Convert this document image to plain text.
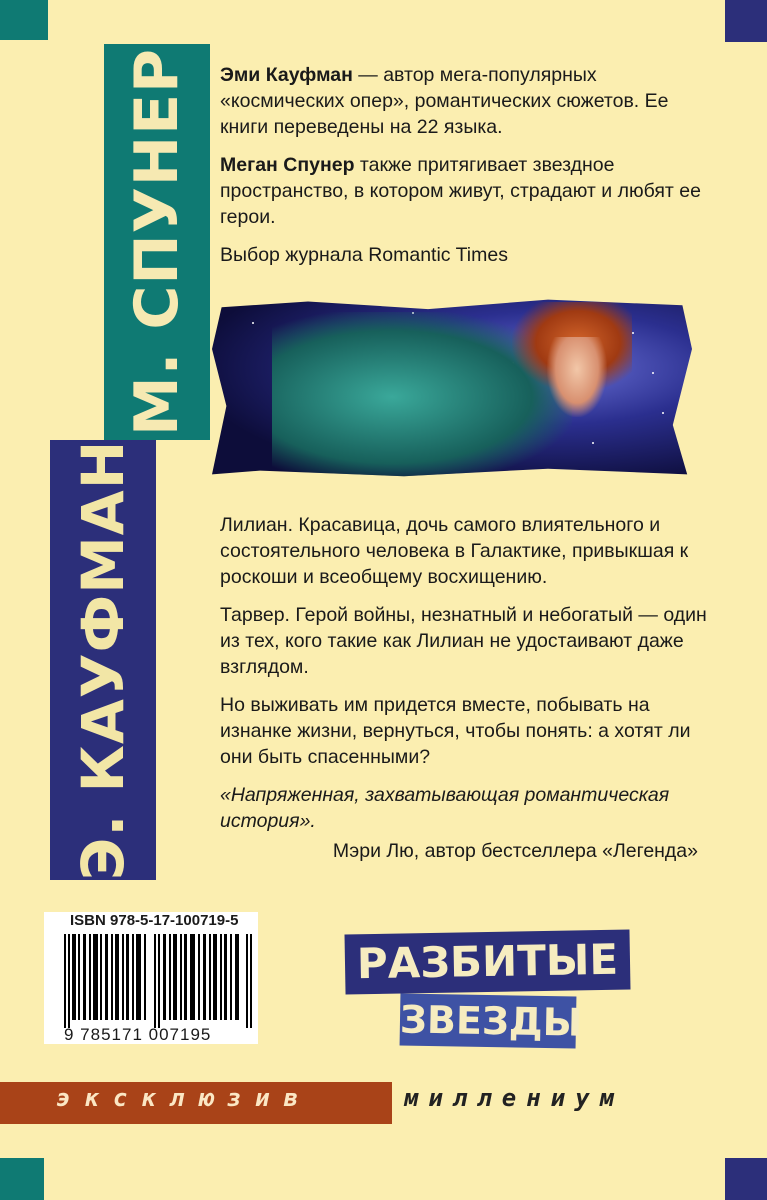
М. СПУНЕР
Э. КАУФМАН

Эми Кауфман — автор мега-популярных «космических опер», романтических сюжетов. Ее книги переведены на 22 языка.

Меган Спунер также притягивает звездное пространство, в котором живут, страдают и любят ее герои.

Выбор журнала Romantic Times

Лилиан. Красавица, дочь самого влиятельного и состоятельного человека в Галактике, привыкшая к роскоши и всеобщему восхищению.

Тарвер. Герой войны, незнатный и небогатый — один из тех, кого такие как Лилиан не удостаивают даже взглядом.

Но выживать им придется вместе, побывать на изнанке жизни, вернуться, чтобы понять: а хотят ли они быть спасенными?

«Напряженная, захватывающая романтическая история».

Мэри Лю, автор бестселлера «Легенда»

ISBN 978-5-17-100719-5
9 785171 007195
РАЗБИТЫЕ
ЗВЕЗДЫ
эксклюзив	миллениум
